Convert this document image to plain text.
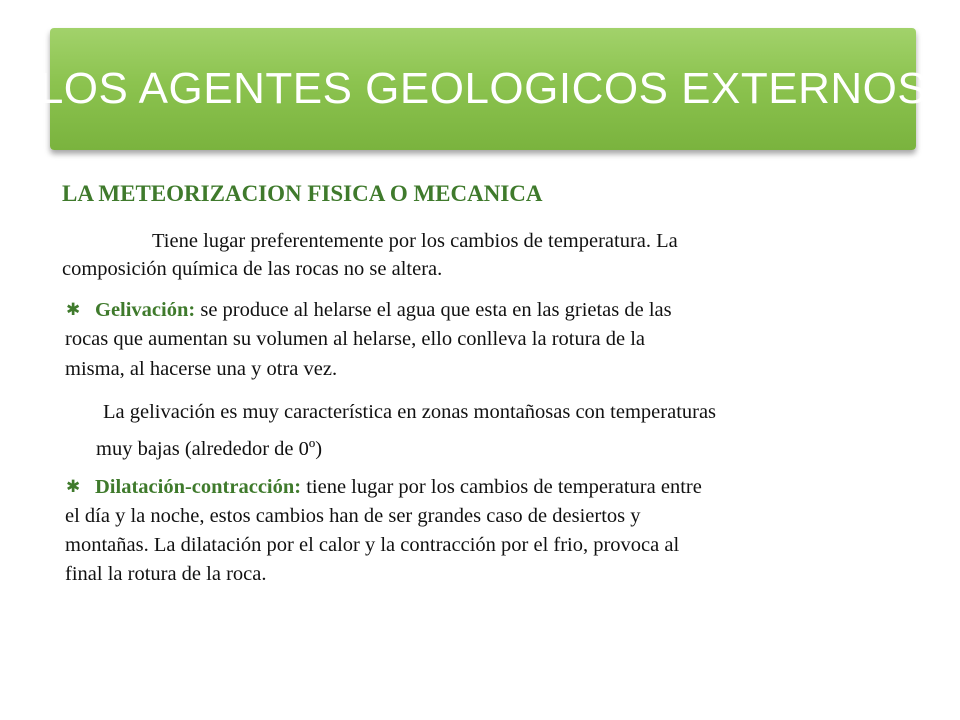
LOS AGENTES GEOLOGICOS EXTERNOS
LA METEORIZACION FISICA O MECANICA
Tiene lugar preferentemente por los cambios de temperatura. La
composición química de las rocas no se altera.
✱ Gelivación: se produce al helarse el agua que esta en las grietas de las
rocas que aumentan su volumen al helarse, ello conlleva la rotura de la
misma, al hacerse una y otra vez.
La gelivación es muy característica en zonas montañosas con temperaturas
muy bajas (alrededor de 0º)
✱ Dilatación-contracción: tiene lugar por los cambios de temperatura entre
el día y la noche, estos cambios han de ser grandes caso de desiertos y
montañas. La dilatación por el calor y la contracción por el frio, provoca al
final la rotura de la roca.
